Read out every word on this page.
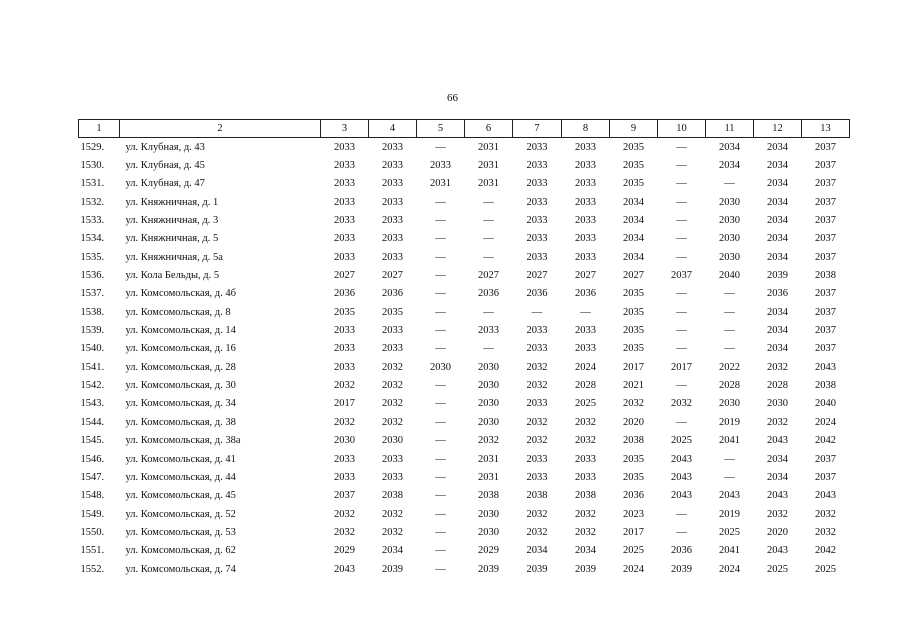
66
1	2	3	4	5	6	7	8	9	10	11	12	13
1529.	ул. Клубная, д. 43	2033	2033	—	2031	2033	2033	2035	—	2034	2034	2037
1530.	ул. Клубная, д. 45	2033	2033	2033	2031	2033	2033	2035	—	2034	2034	2037
1531.	ул. Клубная, д. 47	2033	2033	2031	2031	2033	2033	2035	—	—	2034	2037
1532.	ул. Княжничная, д. 1	2033	2033	—	—	2033	2033	2034	—	2030	2034	2037
1533.	ул. Княжничная, д. 3	2033	2033	—	—	2033	2033	2034	—	2030	2034	2037
1534.	ул. Княжничная, д. 5	2033	2033	—	—	2033	2033	2034	—	2030	2034	2037
1535.	ул. Княжничная, д. 5а	2033	2033	—	—	2033	2033	2034	—	2030	2034	2037
1536.	ул. Кола Бельды, д. 5	2027	2027	—	2027	2027	2027	2027	2037	2040	2039	2038
1537.	ул. Комсомольская, д. 4б	2036	2036	—	2036	2036	2036	2035	—	—	2036	2037
1538.	ул. Комсомольская, д. 8	2035	2035	—	—	—	—	2035	—	—	2034	2037
1539.	ул. Комсомольская, д. 14	2033	2033	—	2033	2033	2033	2035	—	—	2034	2037
1540.	ул. Комсомольская, д. 16	2033	2033	—	—	2033	2033	2035	—	—	2034	2037
1541.	ул. Комсомольская, д. 28	2033	2032	2030	2030	2032	2024	2017	2017	2022	2032	2043
1542.	ул. Комсомольская, д. 30	2032	2032	—	2030	2032	2028	2021	—	2028	2028	2038
1543.	ул. Комсомольская, д. 34	2017	2032	—	2030	2033	2025	2032	2032	2030	2030	2040
1544.	ул. Комсомольская, д. 38	2032	2032	—	2030	2032	2032	2020	—	2019	2032	2024
1545.	ул. Комсомольская, д. 38а	2030	2030	—	2032	2032	2032	2038	2025	2041	2043	2042
1546.	ул. Комсомольская, д. 41	2033	2033	—	2031	2033	2033	2035	2043	—	2034	2037
1547.	ул. Комсомольская, д. 44	2033	2033	—	2031	2033	2033	2035	2043	—	2034	2037
1548.	ул. Комсомольская, д. 45	2037	2038	—	2038	2038	2038	2036	2043	2043	2043	2043
1549.	ул. Комсомольская, д. 52	2032	2032	—	2030	2032	2032	2023	—	2019	2032	2032
1550.	ул. Комсомольская, д. 53	2032	2032	—	2030	2032	2032	2017	—	2025	2020	2032
1551.	ул. Комсомольская, д. 62	2029	2034	—	2029	2034	2034	2025	2036	2041	2043	2042
1552.	ул. Комсомольская, д. 74	2043	2039	—	2039	2039	2039	2024	2039	2024	2025	2025
